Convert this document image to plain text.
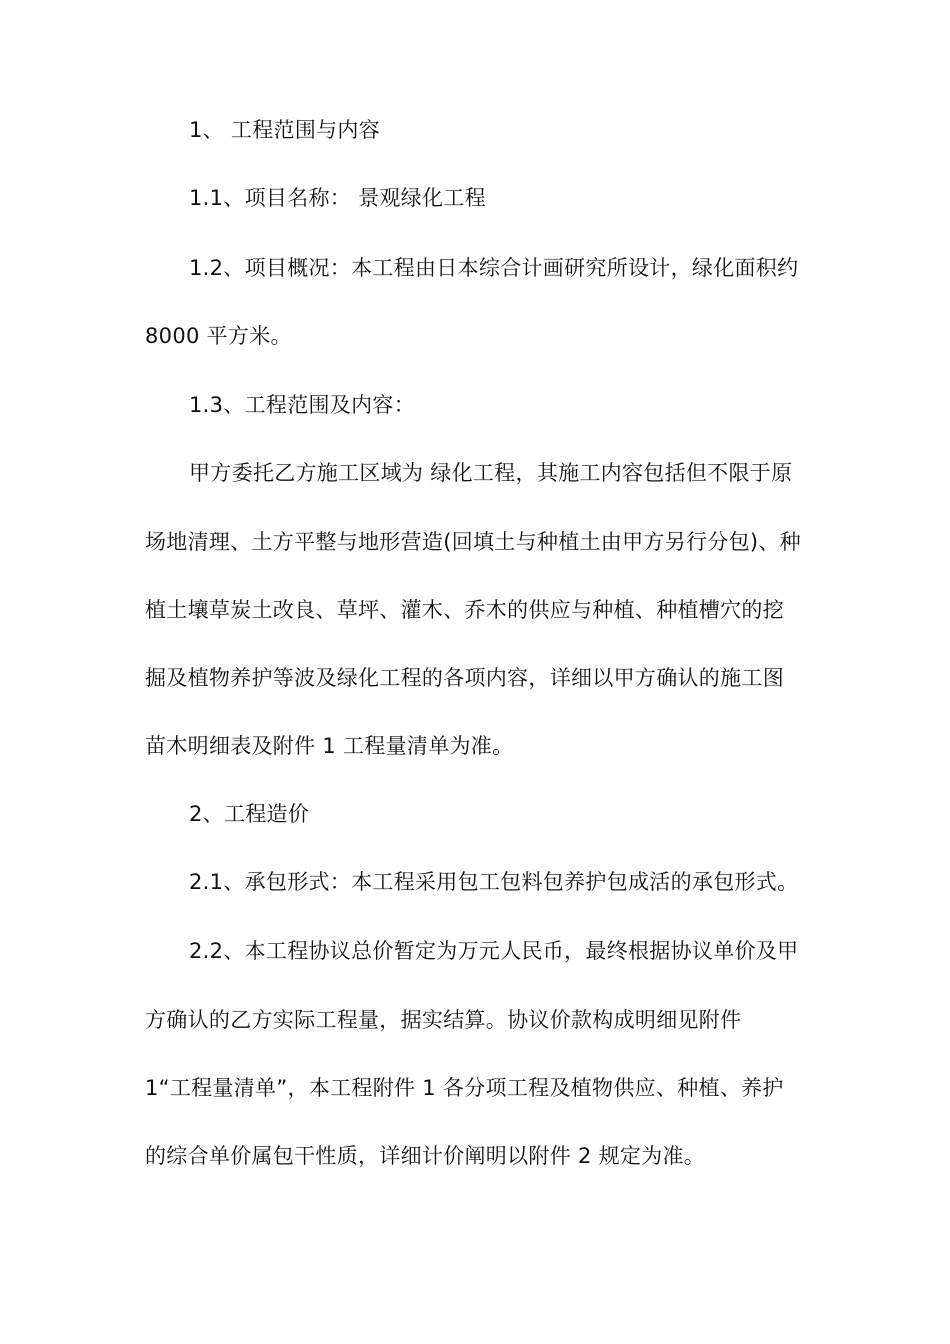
1、 工程范围与内容
1.1、项目名称： 景观绿化工程
1.2、项目概况：本工程由日本综合计画研究所设计，绿化面积约
8000 平方米。
1.3、工程范围及内容：
甲方委托乙方施工区域为 绿化工程，其施工内容包括但不限于原
场地清理、土方平整与地形营造(回填土与种植土由甲方另行分包)、种
植土壤草炭土改良、草坪、灌木、乔木的供应与种植、种植槽穴的挖
掘及植物养护等波及绿化工程的各项内容，详细以甲方确认的施工图
苗木明细表及附件 1 工程量清单为准。
2、工程造价
2.1、承包形式：本工程采用包工包料包养护包成活的承包形式。
2.2、本工程协议总价暂定为万元人民币，最终根据协议单价及甲
方确认的乙方实际工程量，据实结算。协议价款构成明细见附件
1“工程量清单”，本工程附件 1 各分项工程及植物供应、种植、养护
的综合单价属包干性质，详细计价阐明以附件 2 规定为准。
